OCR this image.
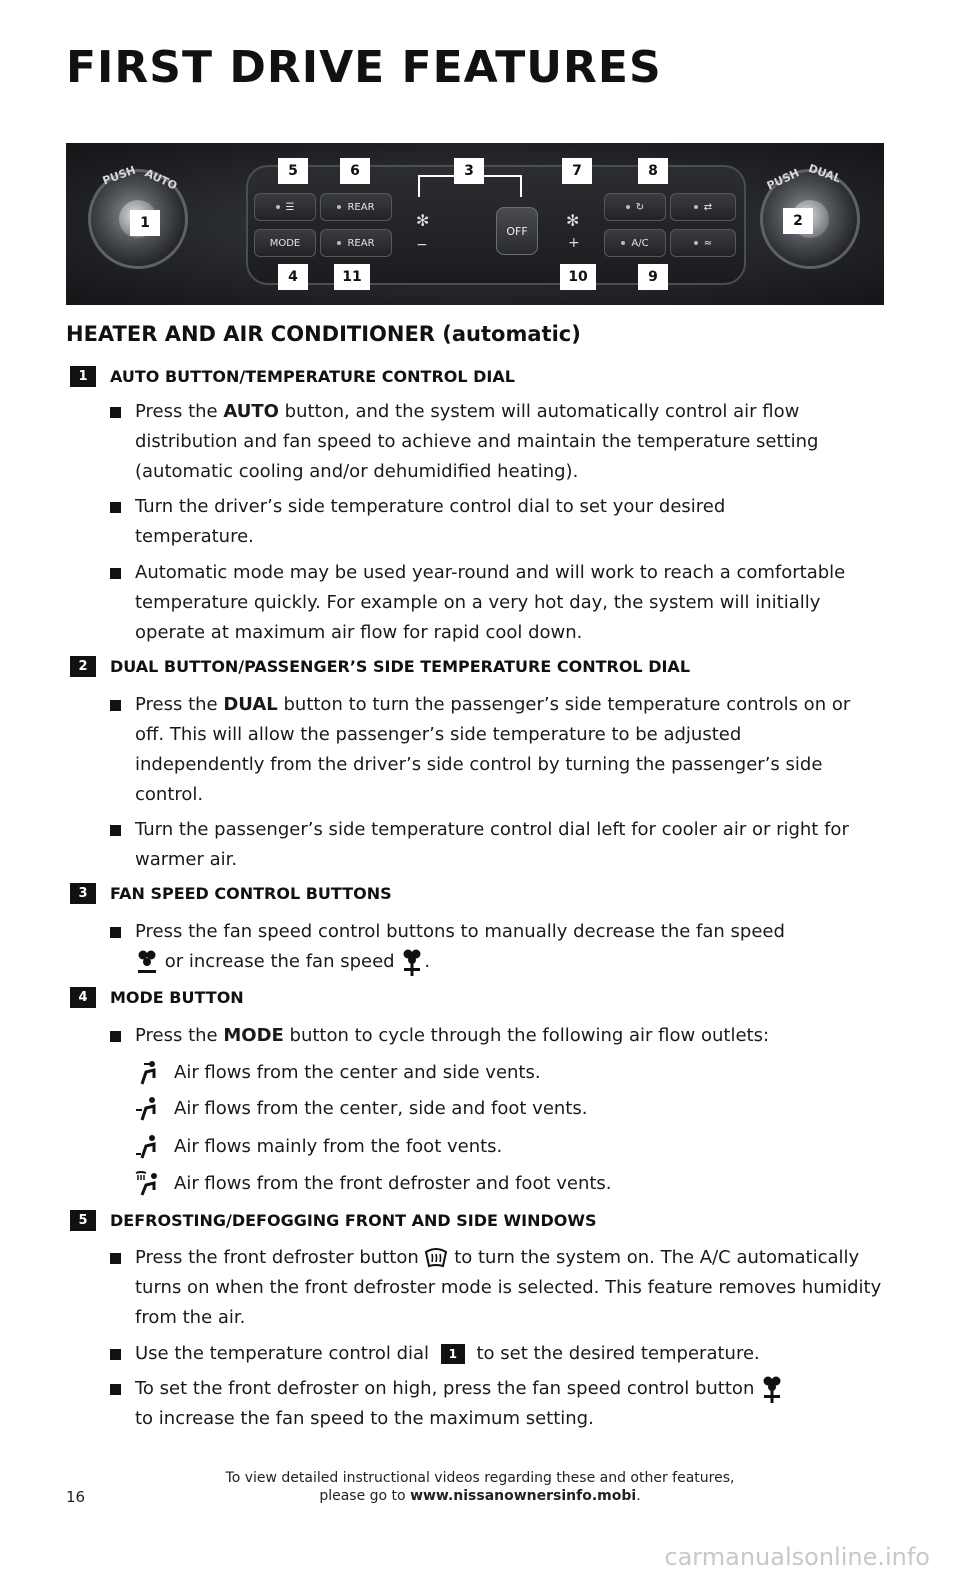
FIRST DRIVE FEATURES
PUSH AUTO	PUSH DUAL
☰	REAR
MODE	REAR
✻
−
OFF
✻
+
↻	⇄
A/C	≈
5	6	3	7	8
1	2
4	11	10	9
HEATER AND AIR CONDITIONER (automatic)
1	AUTO BUTTON/TEMPERATURE CONTROL DIAL
Press the AUTO button, and the system will automatically control air flow distribution and fan speed to achieve and maintain the temperature setting (automatic cooling and/or dehumidified heating).
Turn the driver’s side temperature control dial to set your desired temperature.
Automatic mode may be used year-round and will work to reach a comfortable temperature quickly. For example on a very hot day, the system will initially operate at maximum air flow for rapid cool down.
2	DUAL BUTTON/PASSENGER’S SIDE TEMPERATURE CONTROL DIAL
Press the DUAL button to turn the passenger’s side temperature controls on or off. This will allow the passenger’s side temperature to be adjusted independently from the driver’s side control by turning the passenger’s side control.
Turn the passenger’s side temperature control dial left for cooler air or right for warmer air.
3	FAN SPEED CONTROL BUTTONS
Press the fan speed control buttons to manually decrease the fan speed
or increase the fan speed .
4	MODE BUTTON
Press the MODE button to cycle through the following air flow outlets:
Air flows from the center and side vents.
Air flows from the center, side and foot vents.
Air flows mainly from the foot vents.
Air flows from the front defroster and foot vents.
5	DEFROSTING/DEFOGGING FRONT AND SIDE WINDOWS
Press the front defroster button  to turn the system on. The A/C automatically turns on when the front defroster mode is selected. This feature removes humidity from the air.
Use the temperature control dial 1 to set the desired temperature.
To set the front defroster on high, press the fan speed control button
to increase the fan speed to the maximum setting.
16
To view detailed instructional videos regarding these and other features,
please go to www.nissanownersinfo.mobi.
carmanualsonline.info
